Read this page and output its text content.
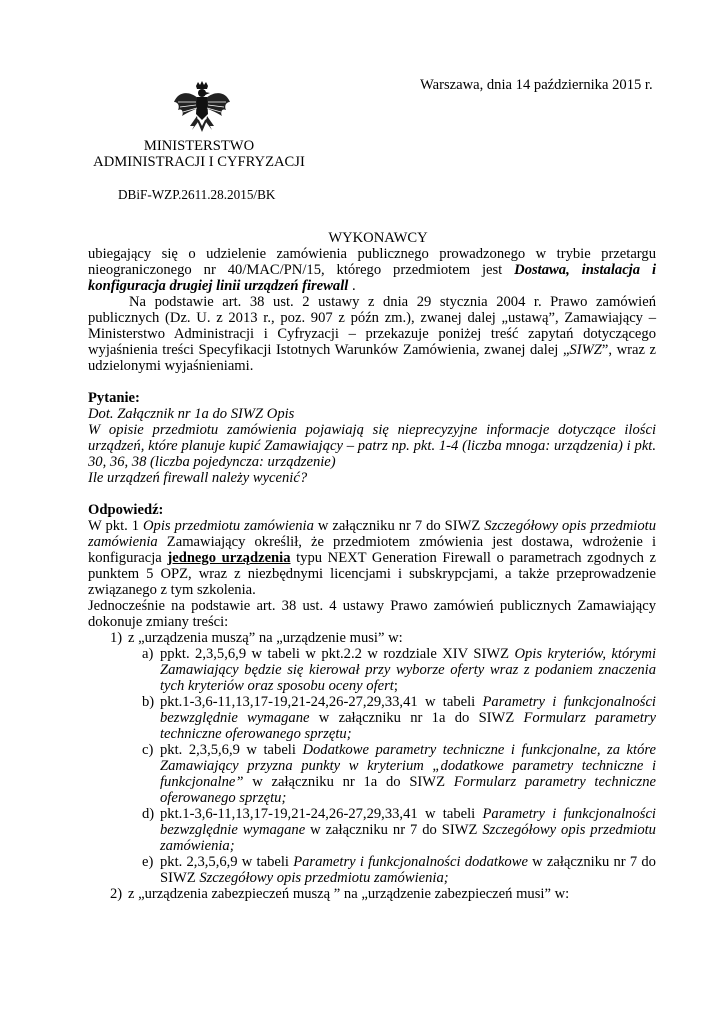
Warszawa, dnia 14 października 2015 r.
MINISTERSTWO
ADMINISTRACJI I CYFRYZACJI
DBiF-WZP.2611.28.2015/BK
WYKONAWCY

ubiegający się o udzielenie zamówienia publicznego prowadzonego w trybie przetargu nieograniczonego nr 40/MAC/PN/15, którego przedmiotem jest Dostawa, instalacja i konfiguracja drugiej linii urządzeń firewall .

Na podstawie art. 38 ust. 2 ustawy z dnia 29 stycznia 2004 r. Prawo zamówień publicznych (Dz. U. z 2013 r., poz. 907 z późn zm.), zwanej dalej „ustawą”, Zamawiający – Ministerstwo Administracji i Cyfryzacji – przekazuje poniżej treść zapytań dotyczącego wyjaśnienia treści Specyfikacji Istotnych Warunków Zamówienia, zwanej dalej „SIWZ”, wraz z udzielonymi wyjaśnieniami.

Pytanie:

Dot. Załącznik nr 1a do SIWZ Opis

W opisie przedmiotu zamówienia pojawiają się nieprecyzyjne informacje dotyczące ilości urządzeń, które planuje kupić Zamawiający – patrz np. pkt. 1-4 (liczba mnoga: urządzenia) i pkt. 30, 36, 38 (liczba pojedyncza: urządzenie)

Ile urządzeń firewall należy wycenić?

Odpowiedź:

W pkt. 1 Opis przedmiotu zamówienia w załączniku nr 7 do SIWZ Szczegółowy opis przedmiotu zamówienia Zamawiający określił, że przedmiotem zmówienia jest dostawa, wdrożenie i konfiguracja jednego urządzenia typu NEXT Generation Firewall o parametrach zgodnych z punktem 5 OPZ, wraz z niezbędnymi licencjami i subskrypcjami, a także przeprowadzenie związanego z tym szkolenia.

Jednocześnie na podstawie art. 38 ust. 4 ustawy Prawo zamówień publicznych Zamawiający dokonuje zmiany treści:

1) z „urządzenia muszą” na „urządzenie musi” w:

a) ppkt. 2,3,5,6,9 w tabeli w pkt.2.2 w rozdziale XIV SIWZ Opis kryteriów, którymi Zamawiający będzie się kierował przy wyborze oferty wraz z podaniem znaczenia tych kryteriów oraz sposobu oceny ofert;

b) pkt.1-3,6-11,13,17-19,21-24,26-27,29,33,41 w tabeli Parametry i funkcjonalności bezwzględnie wymagane w załączniku nr 1a do SIWZ Formularz parametry techniczne oferowanego sprzętu;

c) pkt. 2,3,5,6,9 w tabeli Dodatkowe parametry techniczne i funkcjonalne, za które Zamawiający przyzna punkty w kryterium „dodatkowe parametry techniczne i funkcjonalne” w załączniku nr 1a do SIWZ Formularz parametry techniczne oferowanego sprzętu;

d) pkt.1-3,6-11,13,17-19,21-24,26-27,29,33,41 w tabeli Parametry i funkcjonalności bezwzględnie wymagane w załączniku nr 7 do SIWZ Szczegółowy opis przedmiotu zamówienia;

e) pkt. 2,3,5,6,9 w tabeli Parametry i funkcjonalności dodatkowe w załączniku nr 7 do SIWZ Szczegółowy opis przedmiotu zamówienia;

2) z „urządzenia zabezpieczeń muszą ” na „urządzenie zabezpieczeń musi” w:
